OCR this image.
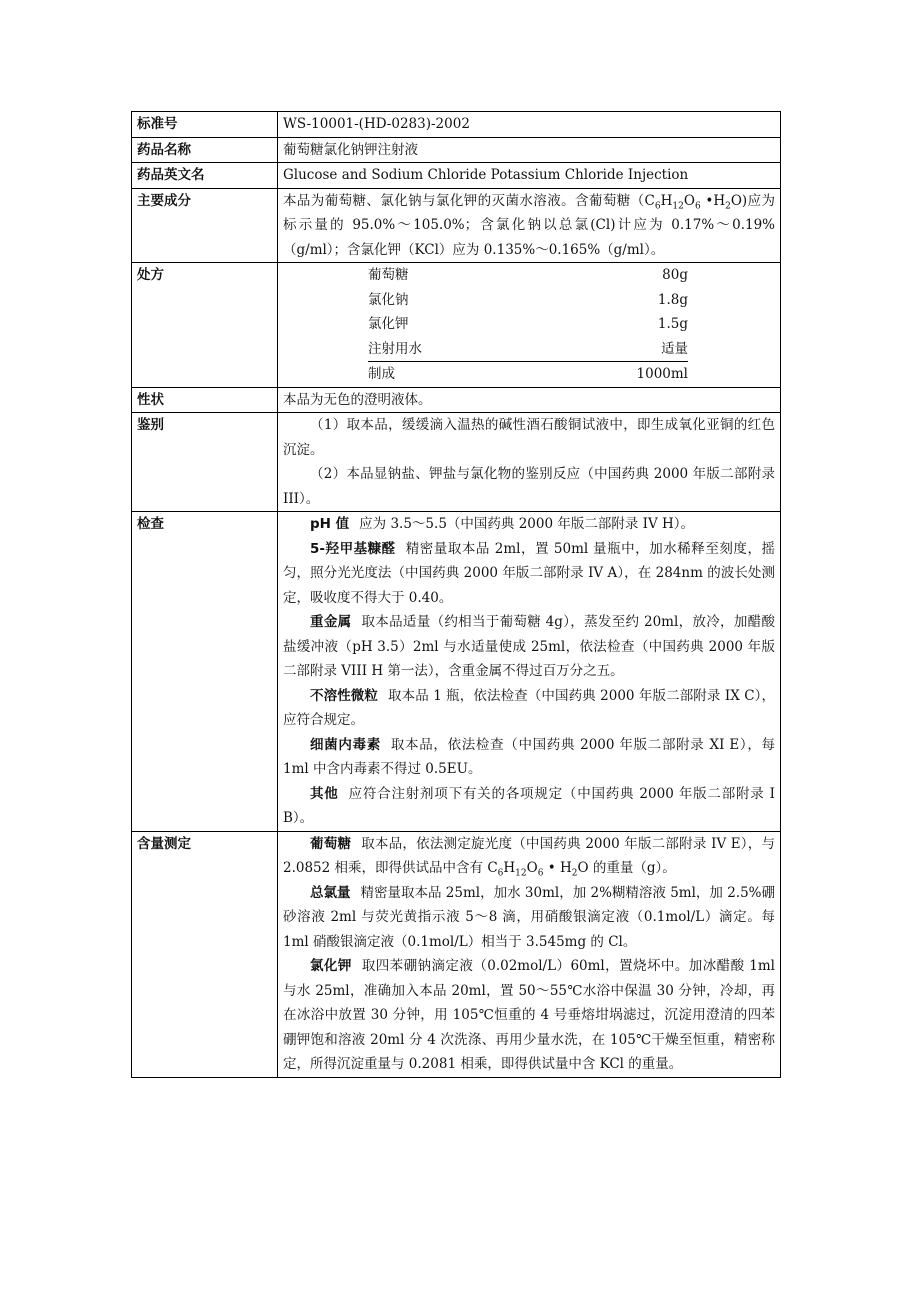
标准号	WS-10001-(HD-0283)-2002
药品名称	葡萄糖氯化钠钾注射液
药品英文名	Glucose and Sodium Chloride Potassium Chloride Injection
主要成分	本品为葡萄糖、氯化钠与氯化钾的灭菌水溶液。含葡萄糖（$C_6H_{12}O_6$ $•H_2O$)应为标示量的 95.0%～105.0%；含氯化钠以总氯(Cl)计应为 0.17%～0.19%（g/ml）；含氯化钾（KCl）应为 0.135%～0.165%（g/ml）。
处方		葡萄糖	80g
氯化钠	1.8g
氯化钾	1.5g
注射用水	适量
制成	1000ml

性状	本品为无色的澄明液体。
鉴别	（1）取本品，缓缓滴入温热的碱性酒石酸铜试液中，即生成氧化亚铜的红色沉淀。

（2）本品显钠盐、钾盐与氯化物的鉴别反应（中国药典 2000 年版二部附录 III）。

检查	pH 值 应为 3.5～5.5（中国药典 2000 年版二部附录 IV H）。

5-羟甲基糠醛 精密量取本品 2ml，置 50ml 量瓶中，加水稀释至刻度，摇匀，照分光光度法（中国药典 2000 年版二部附录 IV A），在 284nm 的波长处测定，吸收度不得大于 0.40。

重金属 取本品适量（约相当于葡萄糖 4g），蒸发至约 20ml，放冷，加醋酸盐缓冲液（pH 3.5）2ml 与水适量使成 25ml，依法检查（中国药典 2000 年版二部附录 VIII H 第一法），含重金属不得过百万分之五。

不溶性微粒 取本品 1 瓶，依法检查（中国药典 2000 年版二部附录 IX C），应符合规定。

细菌内毒素 取本品，依法检查（中国药典 2000 年版二部附录 XI E），每 1ml 中含内毒素不得过 0.5EU。

其他 应符合注射剂项下有关的各项规定（中国药典 2000 年版二部附录 I B）。

含量测定	葡萄糖 取本品，依法测定旋光度（中国药典 2000 年版二部附录 IV E），与 2.0852 相乘，即得供试品中含有 $C_6H_{12}O_6$ • $H_2O$ 的重量（g）。

总氯量 精密量取本品 25ml，加水 30ml，加 2%糊精溶液 5ml，加 2.5%硼砂溶液 2ml 与荧光黄指示液 5～8 滴，用硝酸银滴定液（0.1mol/L）滴定。每 1ml 硝酸银滴定液（0.1mol/L）相当于 3.545mg 的 Cl。

氯化钾 取四苯硼钠滴定液（0.02mol/L）60ml，置烧坏中。加冰醋酸 1ml 与水 25ml，准确加入本品 20ml，置 50～55℃水浴中保温 30 分钟，冷却，再在冰浴中放置 30 分钟，用 105℃恒重的 4 号垂熔坩埚滤过，沉淀用澄清的四苯硼钾饱和溶液 20ml 分 4 次洗涤、再用少量水洗，在 105℃干燥至恒重，精密称定，所得沉淀重量与 0.2081 相乘，即得供试量中含 KCl 的重量。
